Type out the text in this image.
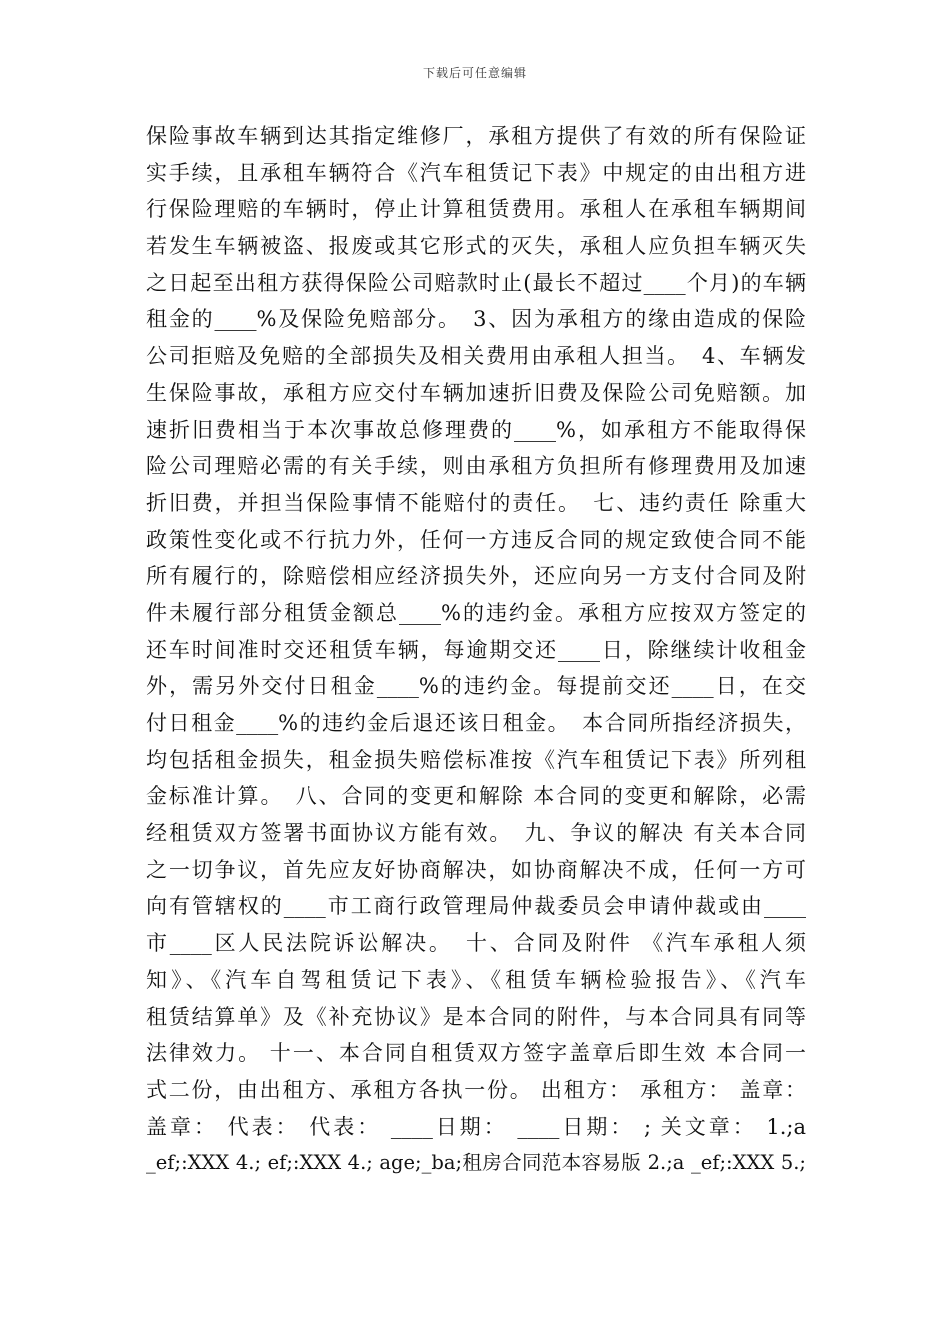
下载后可任意编辑
保险事故车辆到达其指定维修厂，承租方提供了有效的所有保险证
实手续，且承租车辆符合《汽车租赁记下表》中规定的由出租方进
行保险理赔的车辆时，停止计算租赁费用。承租人在承租车辆期间
若发生车辆被盗、报废或其它形式的灭失，承租人应负担车辆灭失
之日起至出租方获得保险公司赔款时止(最长不超过____个月)的车辆
租金的____%及保险免赔部分。　3、因为承租方的缘由造成的保险
公司拒赔及免赔的全部损失及相关费用由承租人担当。　4、车辆发
生保险事故，承租方应交付车辆加速折旧费及保险公司免赔额。加
速折旧费相当于本次事故总修理费的____%，如承租方不能取得保
险公司理赔必需的有关手续，则由承租方负担所有修理费用及加速
折旧费，并担当保险事情不能赔付的责任。　七、违约责任 除重大
政策性变化或不行抗力外，任何一方违反合同的规定致使合同不能
所有履行的，除赔偿相应经济损失外，还应向另一方支付合同及附
件未履行部分租赁金额总____%的违约金。承租方应按双方签定的
还车时间准时交还租赁车辆，每逾期交还____日，除继续计收租金
外，需另外交付日租金____%的违约金。每提前交还____日，在交
付日租金____%的违约金后退还该日租金。　本合同所指经济损失，
均包括租金损失，租金损失赔偿标准按《汽车租赁记下表》所列租
金标准计算。　八、合同的变更和解除 本合同的变更和解除，必需
经租赁双方签署书面协议方能有效。　九、争议的解决 有关本合同
之一切争议，首先应友好协商解决，如协商解决不成，任何一方可
向有管辖权的____市工商行政管理局仲裁委员会申请仲裁或由____
市____区人民法院诉讼解决。　十、合同及附件 《汽车承租人须
知》、《汽车自驾租赁记下表》、《租赁车辆检验报告》、《汽车
租赁结算单》及《补充协议》是本合同的附件，与本合同具有同等
法律效力。 十一、本合同自租赁双方签字盖章后即生效 本合同一
式二份，由出租方、承租方各执一份。 出租方： 承租方： 盖章：
盖章： 代表： 代表： ____日期： ____日期： ; 关文章： 1.;a
_ef;:XXX 4.; ef;:XXX 4.; age;_ba;租房合同范本容易版 2.;a _ef;:XXX 5.;
